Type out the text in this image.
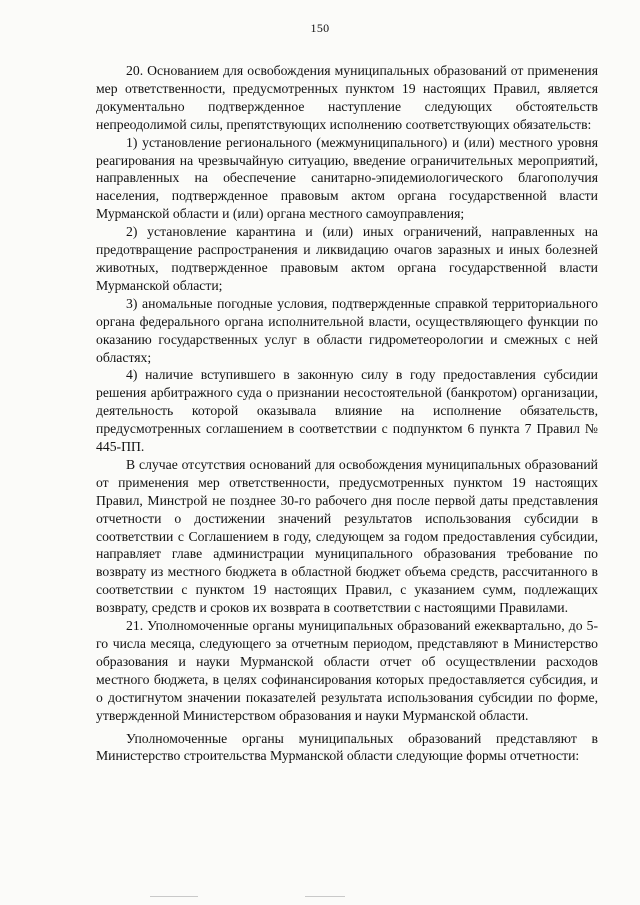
150

20. Основанием для освобождения муниципальных образований от применения мер ответственности, предусмотренных пунктом 19 настоящих Правил, является документально подтвержденное наступление следующих обстоятельств непреодолимой силы, препятствующих исполнению соответствующих обязательств:

1) установление регионального (межмуниципального) и (или) местного уровня реагирования на чрезвычайную ситуацию, введение ограничительных мероприятий, направленных на обеспечение санитарно-эпидемиологического благополучия населения, подтвержденное правовым актом органа государственной власти Мурманской области и (или) органа местного самоуправления;

2) установление карантина и (или) иных ограничений, направленных на предотвращение распространения и ликвидацию очагов заразных и иных болезней животных, подтвержденное правовым актом органа государственной власти Мурманской области;

3) аномальные погодные условия, подтвержденные справкой территориального органа федерального органа исполнительной власти, осуществляющего функции по оказанию государственных услуг в области гидрометеорологии и смежных с ней областях;

4) наличие вступившего в законную силу в году предоставления субсидии решения арбитражного суда о признании несостоятельной (банкротом) организации, деятельность которой оказывала влияние на исполнение обязательств, предусмотренных соглашением в соответствии с подпунктом 6 пункта 7 Правил № 445-ПП.

В случае отсутствия оснований для освобождения муниципальных образований от применения мер ответственности, предусмотренных пунктом 19 настоящих Правил, Минстрой не позднее 30-го рабочего дня после первой даты представления отчетности о достижении значений результатов использования субсидии в соответствии с Соглашением в году, следующем за годом предоставления субсидии, направляет главе администрации муниципального образования требование по возврату из местного бюджета в областной бюджет объема средств, рассчитанного в соответствии с пунктом 19 настоящих Правил, с указанием сумм, подлежащих возврату, средств и сроков их возврата в соответствии с настоящими Правилами.

21. Уполномоченные органы муниципальных образований ежеквартально, до 5-го числа месяца, следующего за отчетным периодом, представляют в Министерство образования и науки Мурманской области отчет об осуществлении расходов местного бюджета, в целях софинансирования которых предоставляется субсидия, и о достигнутом значении показателей результата использования субсидии по форме, утвержденной Министерством образования и науки Мурманской области.

Уполномоченные органы муниципальных образований представляют в Министерство строительства Мурманской области следующие формы отчетности:
